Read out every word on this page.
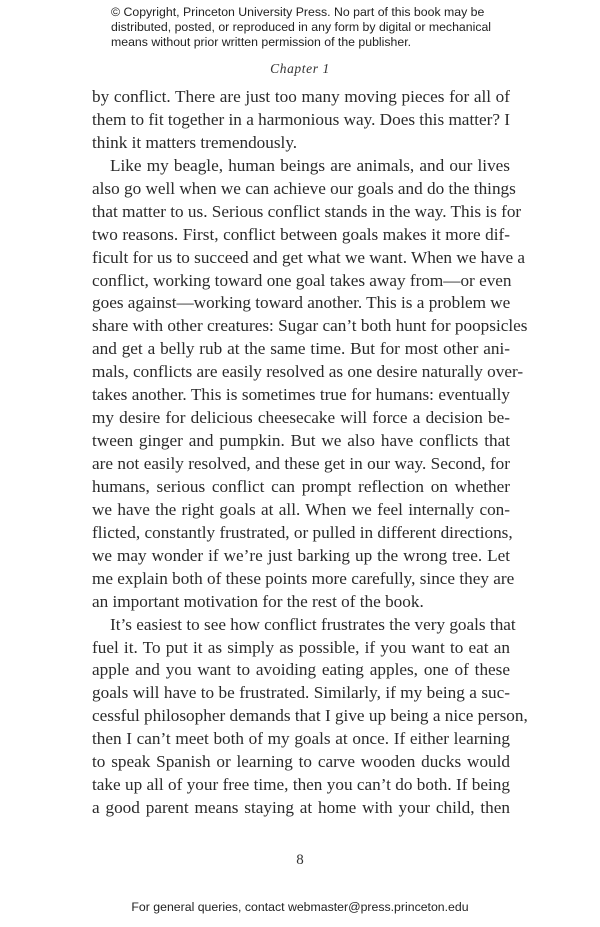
© Copyright, Princeton University Press. No part of this book may be
distributed, posted, or reproduced in any form by digital or mechanical
means without prior written permission of the publisher.
Chapter 1
by conflict. There are just too many moving pieces for all of
them to fit together in a harmonious way. Does this matter? I
think it matters tremendously.
Like my beagle, human beings are animals, and our lives
also go well when we can achieve our goals and do the things
that matter to us. Serious conflict stands in the way. This is for
two reasons. First, conflict between goals makes it more dif-
ficult for us to succeed and get what we want. When we have a
conflict, working toward one goal takes away from—or even
goes against—working toward another. This is a problem we
share with other creatures: Sugar can’t both hunt for poopsicles
and get a belly rub at the same time. But for most other ani-
mals, conflicts are easily resolved as one desire naturally over-
takes another. This is sometimes true for humans: eventually
my desire for delicious cheesecake will force a decision be-
tween ginger and pumpkin. But we also have conflicts that
are not easily resolved, and these get in our way. Second, for
humans, serious conflict can prompt reflection on whether
we have the right goals at all. When we feel internally con-
flicted, constantly frustrated, or pulled in different directions,
we may wonder if we’re just barking up the wrong tree. Let
me explain both of these points more carefully, since they are
an important motivation for the rest of the book.
It’s easiest to see how conflict frustrates the very goals that
fuel it. To put it as simply as possible, if you want to eat an
apple and you want to avoiding eating apples, one of these
goals will have to be frustrated. Similarly, if my being a suc-
cessful philosopher demands that I give up being a nice person,
then I can’t meet both of my goals at once. If either learning
to speak Spanish or learning to carve wooden ducks would
take up all of your free time, then you can’t do both. If being
a good parent means staying at home with your child, then
8
For general queries, contact webmaster@press.princeton.edu
